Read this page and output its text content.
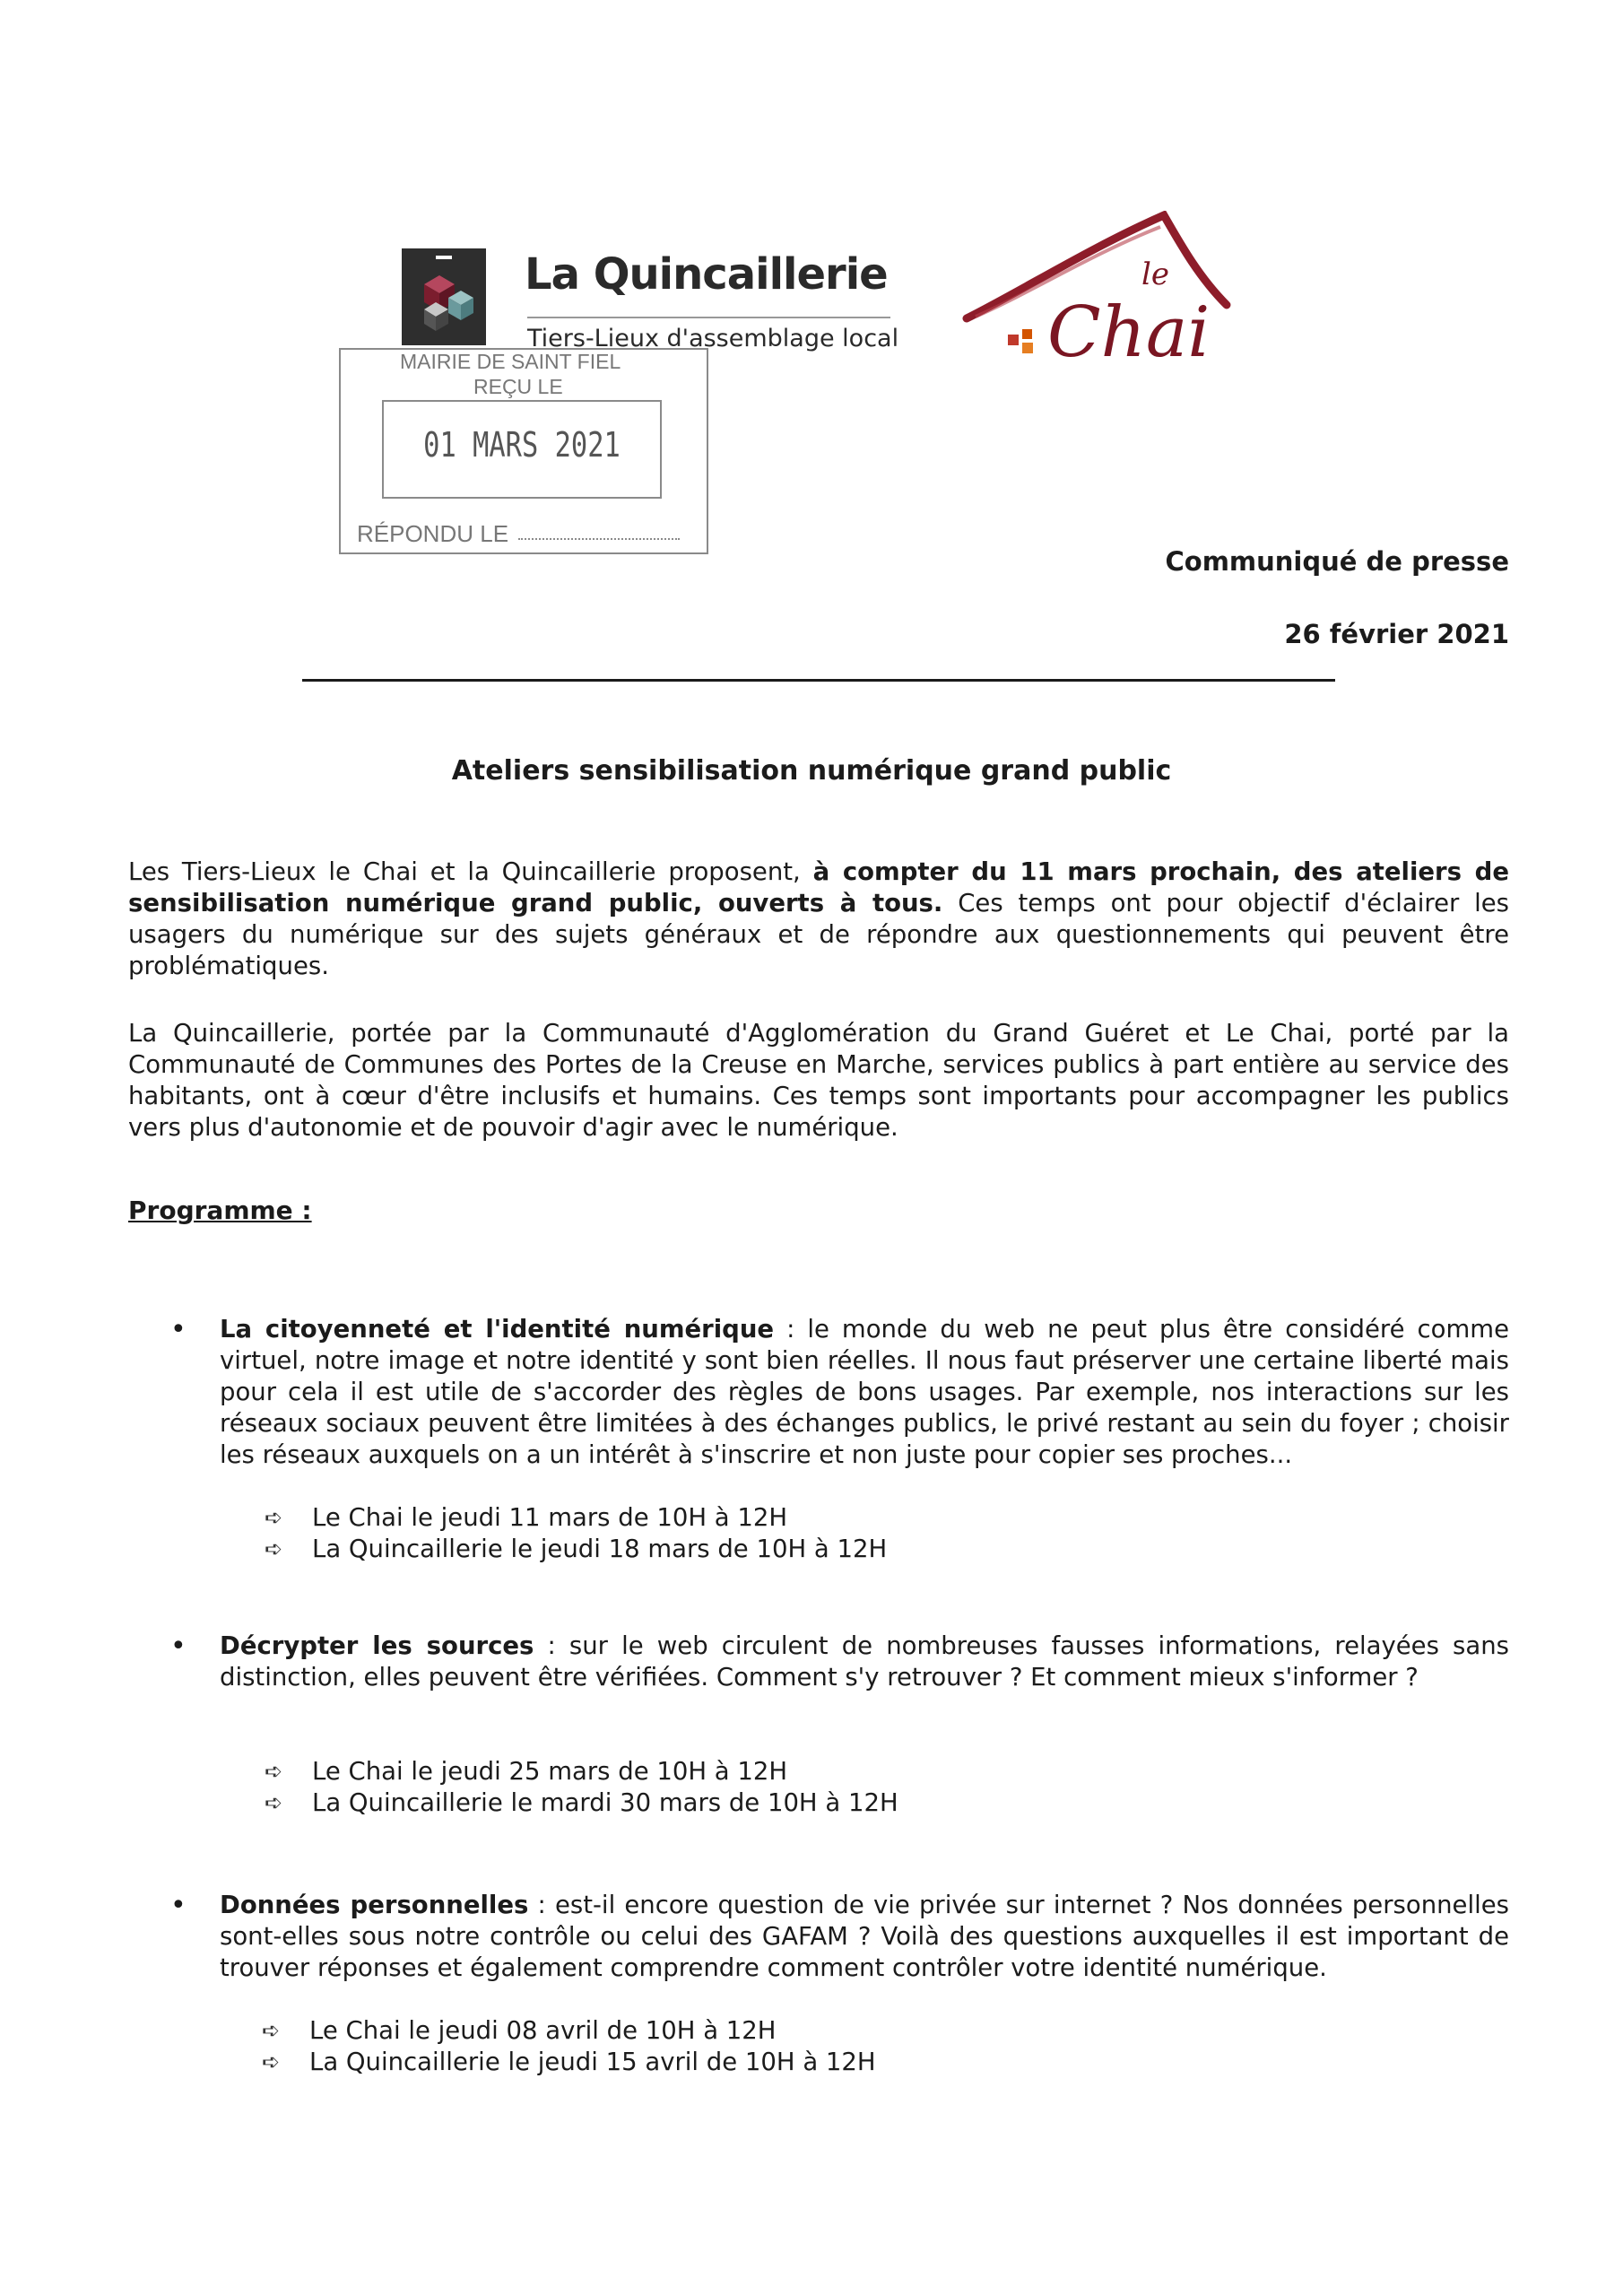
La Quincaillerie
Tiers-Lieux d'assemblage local
le
Chai
MAIRIE DE SAINT FIEL
REÇU LE
01 MARS 2021
RÉPONDU LE
Communiqué de presse
26 février 2021
Ateliers sensibilisation numérique grand public
Les Tiers-Lieux le Chai et la Quincaillerie proposent, à compter du 11 mars prochain, des ateliers de sensibilisation numérique grand public, ouverts à tous. Ces temps ont pour objectif d'éclairer les usagers du numérique sur des sujets généraux et de répondre aux questionnements qui peuvent être problématiques.
La Quincaillerie, portée par la Communauté d'Agglomération du Grand Guéret et Le Chai, porté par la Communauté de Communes des Portes de la Creuse en Marche, services publics à part entière au service des habitants, ont à cœur d'être inclusifs et humains. Ces temps sont importants pour accompagner les publics vers plus d'autonomie et de pouvoir d'agir avec le numérique.
Programme :
• La citoyenneté et l'identité numérique : le monde du web ne peut plus être considéré comme virtuel, notre image et notre identité y sont bien réelles. Il nous faut préserver une certaine liberté mais pour cela il est utile de s'accorder des règles de bons usages. Par exemple, nos interactions sur les réseaux sociaux peuvent être limitées à des échanges publics, le privé restant au sein du foyer ; choisir les réseaux auxquels on a un intérêt à s'inscrire et non juste pour copier ses proches...
➪ Le Chai le jeudi 11 mars de 10H à 12H
➪ La Quincaillerie le jeudi 18 mars de 10H à 12H
• Décrypter les sources : sur le web circulent de nombreuses fausses informations, relayées sans distinction, elles peuvent être vérifiées. Comment s'y retrouver ? Et comment mieux s'informer ?
➪ Le Chai le jeudi 25 mars de 10H à 12H
➪ La Quincaillerie le mardi 30 mars de 10H à 12H
• Données personnelles : est-il encore question de vie privée sur internet ? Nos données personnelles sont-elles sous notre contrôle ou celui des GAFAM ? Voilà des questions auxquelles il est important de trouver réponses et également comprendre comment contrôler votre identité numérique.
➪ Le Chai le jeudi 08 avril de 10H à 12H
➪ La Quincaillerie le jeudi 15 avril de 10H à 12H
